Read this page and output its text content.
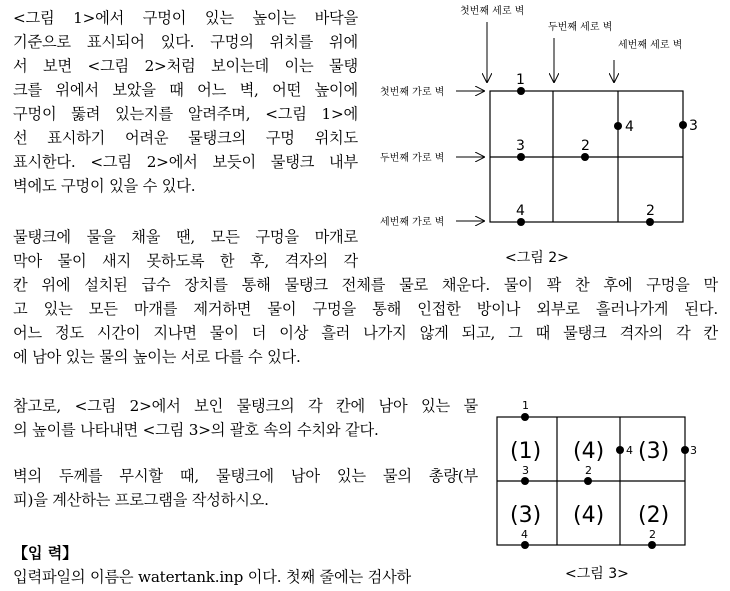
<그림 1>에서 구멍이 있는 높이는 바닥을
기준으로 표시되어 있다. 구멍의 위치를 위에
서 보면 <그림 2>처럼 보이는데 이는 물탱
크를 위에서 보았을 때 어느 벽, 어떤 높이에
구멍이 뚫려 있는지를 알려주며, <그림 1>에
선 표시하기 어려운 물탱크의 구멍 위치도
표시한다. <그림 2>에서 보듯이 물탱크 내부
벽에도 구멍이 있을 수 있다.
물탱크에 물을 채울 땐, 모든 구멍을 마개로
막아 물이 새지 못하도록 한 후, 격자의 각
칸 위에 설치된 급수 장치를 통해 물탱크 전체를 물로 채운다. 물이 꽉 찬 후에 구멍을 막
고 있는 모든 마개를 제거하면 물이 구멍을 통해 인접한 방이나 외부로 흘러나가게 된다.
어느 정도 시간이 지나면 물이 더 이상 흘러 나가지 않게 되고, 그 때 물탱크 격자의 각 칸
에 남아 있는 물의 높이는 서로 다를 수 있다.
참고로, <그림 2>에서 보인 물탱크의 각 칸에 남아 있는 물
의 높이를 나타내면 <그림 3>의 괄호 속의 수치와 같다.
벽의 두께를 무시할 때, 물탱크에 남아 있는 물의 총량(부
피)을 계산하는 프로그램을 작성하시오.
【입 력】
입력파일의 이름은 watertank.inp 이다. 첫째 줄에는 검사하
첫번째 세로 벽
두번째 세로 벽
세번째 세로 벽
첫번째 가로 벽
두번째 가로 벽
세번째 가로 벽
1
3	2
4	3
4	2
<그림 2>
(1) (4) (3)
(3) (4) (2)
1
3	2
4	3
4	2
<그림 3>
